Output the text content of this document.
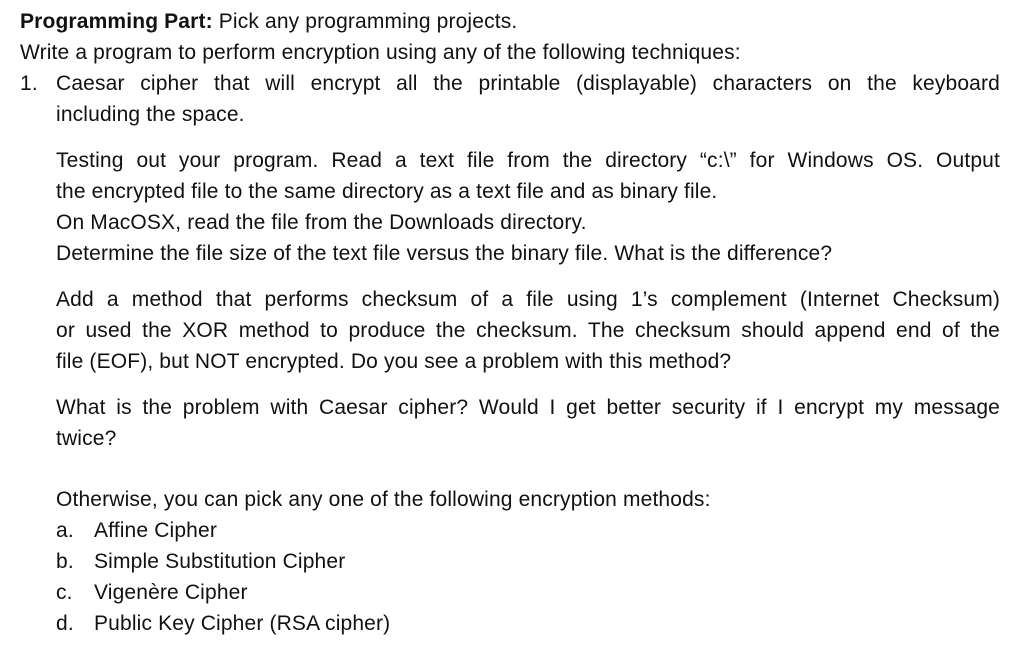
Programming Part: Pick any programming projects.
Write a program to perform encryption using any of the following techniques:
1. Caesar cipher that will encrypt all the printable (displayable) characters on the keyboard
including the space.
Testing out your program. Read a text file from the directory “c:\” for Windows OS. Output
the encrypted file to the same directory as a text file and as binary file.
On MacOSX, read the file from the Downloads directory.
Determine the file size of the text file versus the binary file. What is the difference?
Add a method that performs checksum of a file using 1’s complement (Internet Checksum)
or used the XOR method to produce the checksum. The checksum should append end of the
file (EOF), but NOT encrypted. Do you see a problem with this method?
What is the problem with Caesar cipher? Would I get better security if I encrypt my message
twice?
Otherwise, you can pick any one of the following encryption methods:
a. Affine Cipher
b. Simple Substitution Cipher
c. Vigenère Cipher
d. Public Key Cipher (RSA cipher)
